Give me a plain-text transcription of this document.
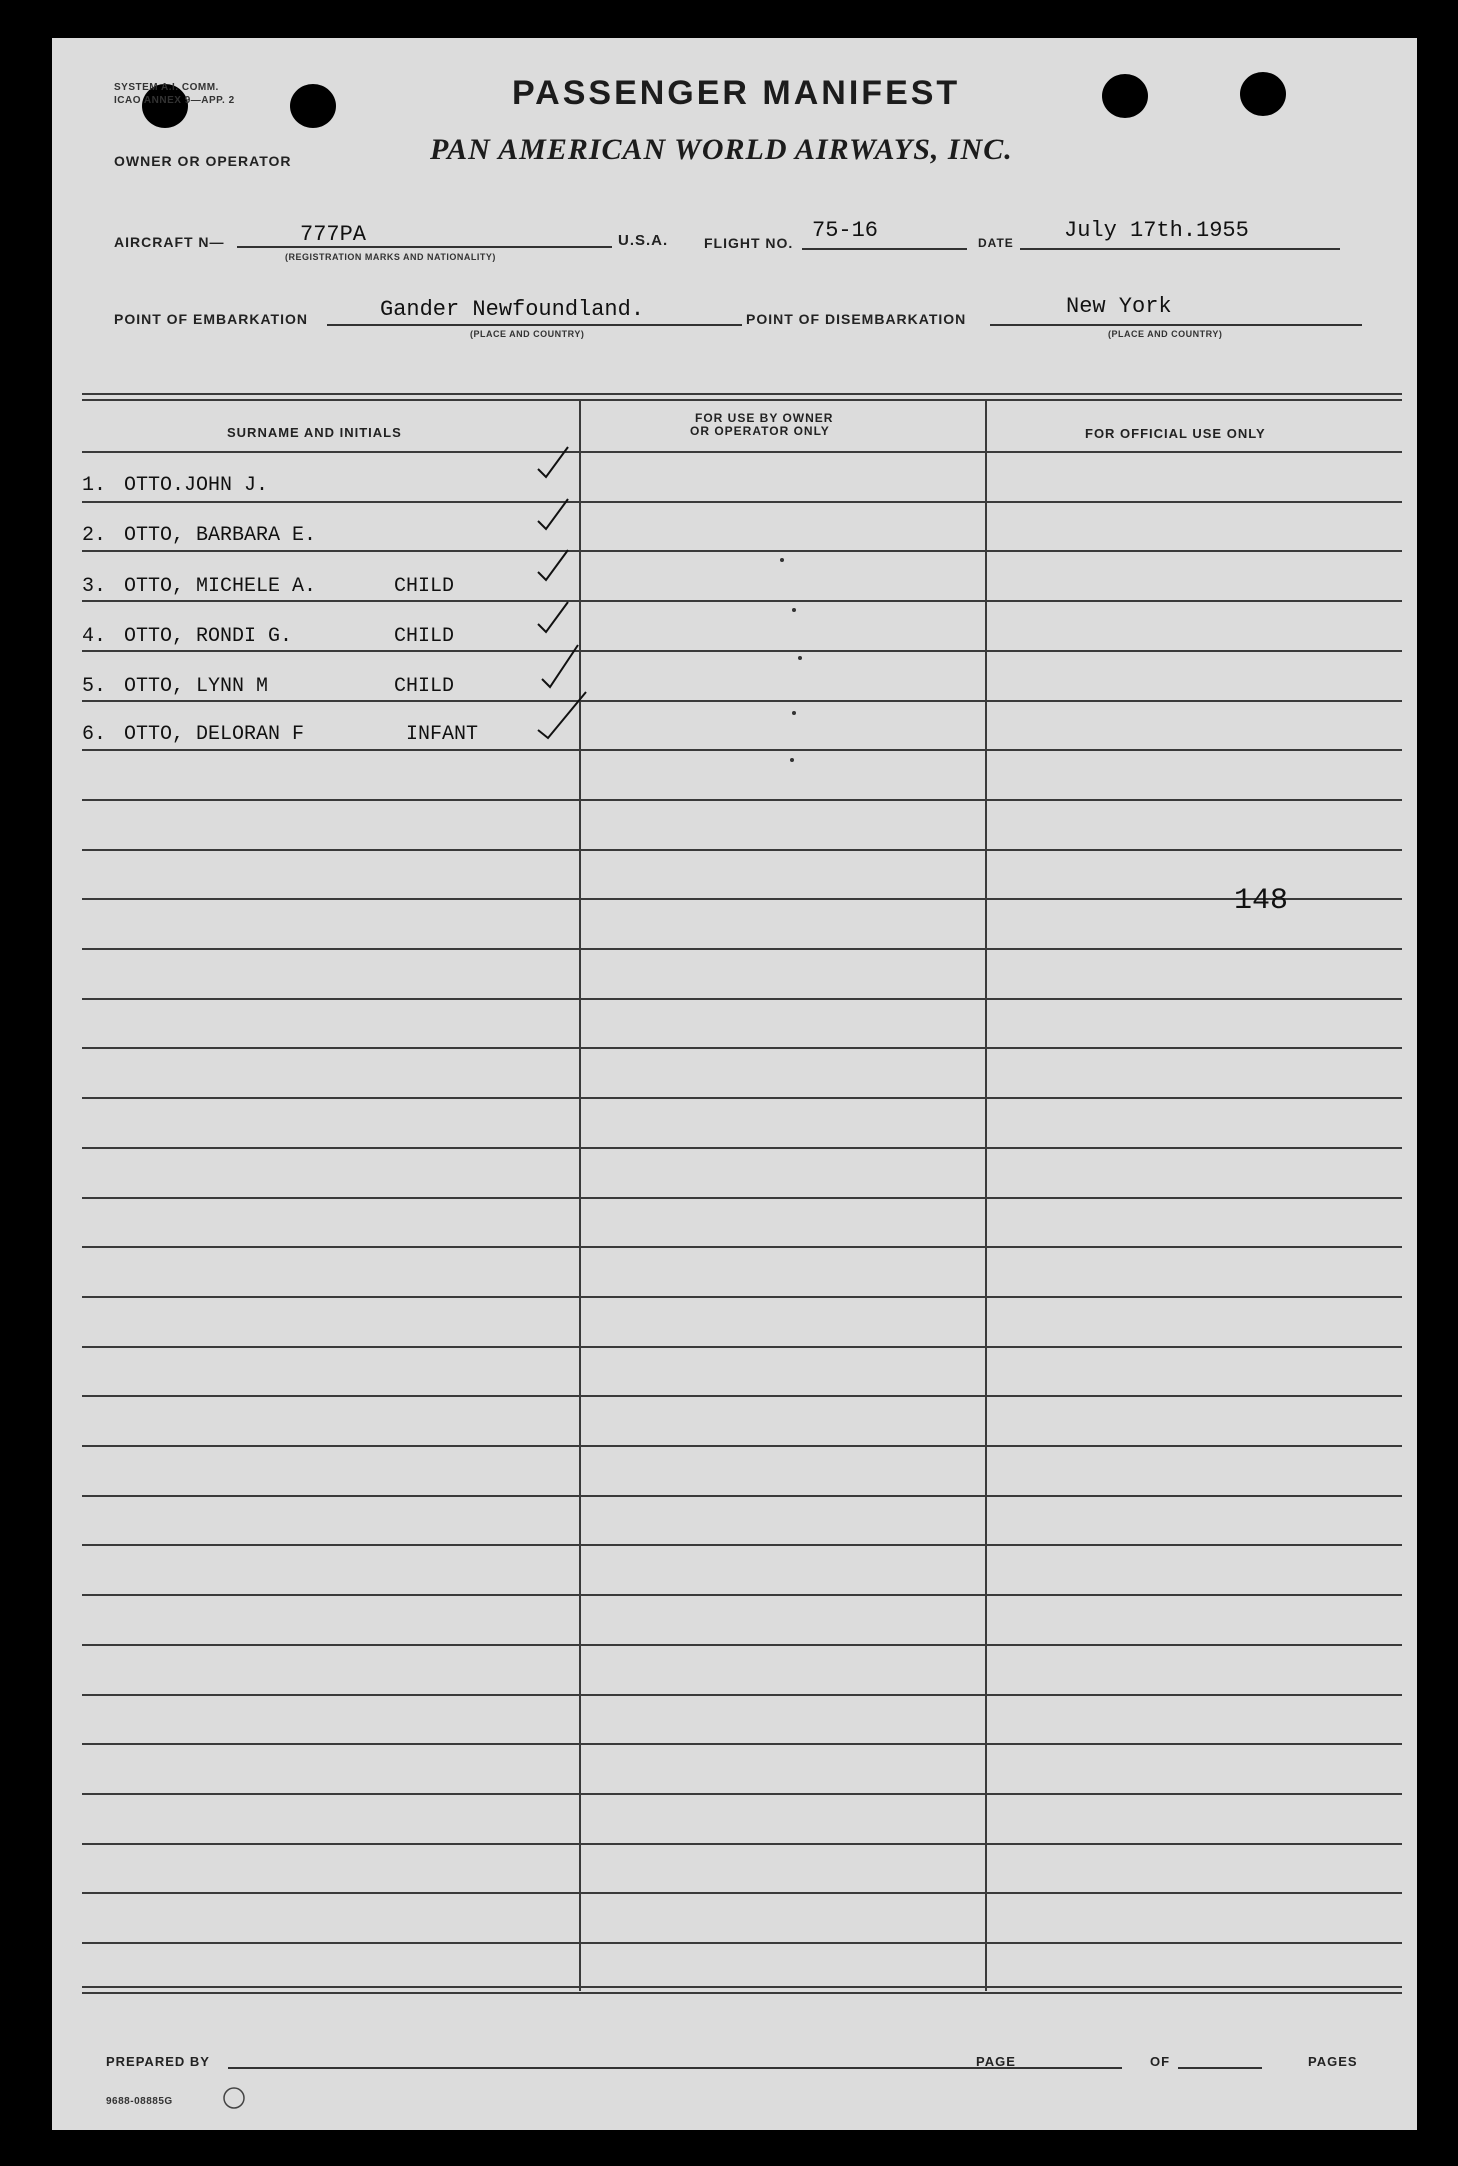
SYSTEM A.I. COMM.
ICAO ANNEX 9—APP. 2	PASSENGER MANIFEST
OWNER OR OPERATOR	PAN AMERICAN WORLD AIRWAYS, INC.
AIRCRAFT N—	777PA
(REGISTRATION MARKS AND NATIONALITY)
U.S.A.	FLIGHT NO. 75-16	DATE July 17th.1955
POINT OF EMBARKATION	Gander Newfoundland.
(PLACE AND COUNTRY)
POINT OF DISEMBARKATION	New York
(PLACE AND COUNTRY)
SURNAME AND INITIALS
FOR USE BY OWNER
OR OPERATOR ONLY	FOR OFFICIAL USE ONLY
1. OTTO.JOHN J.
2. OTTO, BARBARA E.
3. OTTO, MICHELE A.	CHILD
4. OTTO, RONDI G.	CHILD
5. OTTO, LYNN M	CHILD
6. OTTO, DELORAN F	INFANT
148
PREPARED BY	PAGE	OF	PAGES
9688-08885G
